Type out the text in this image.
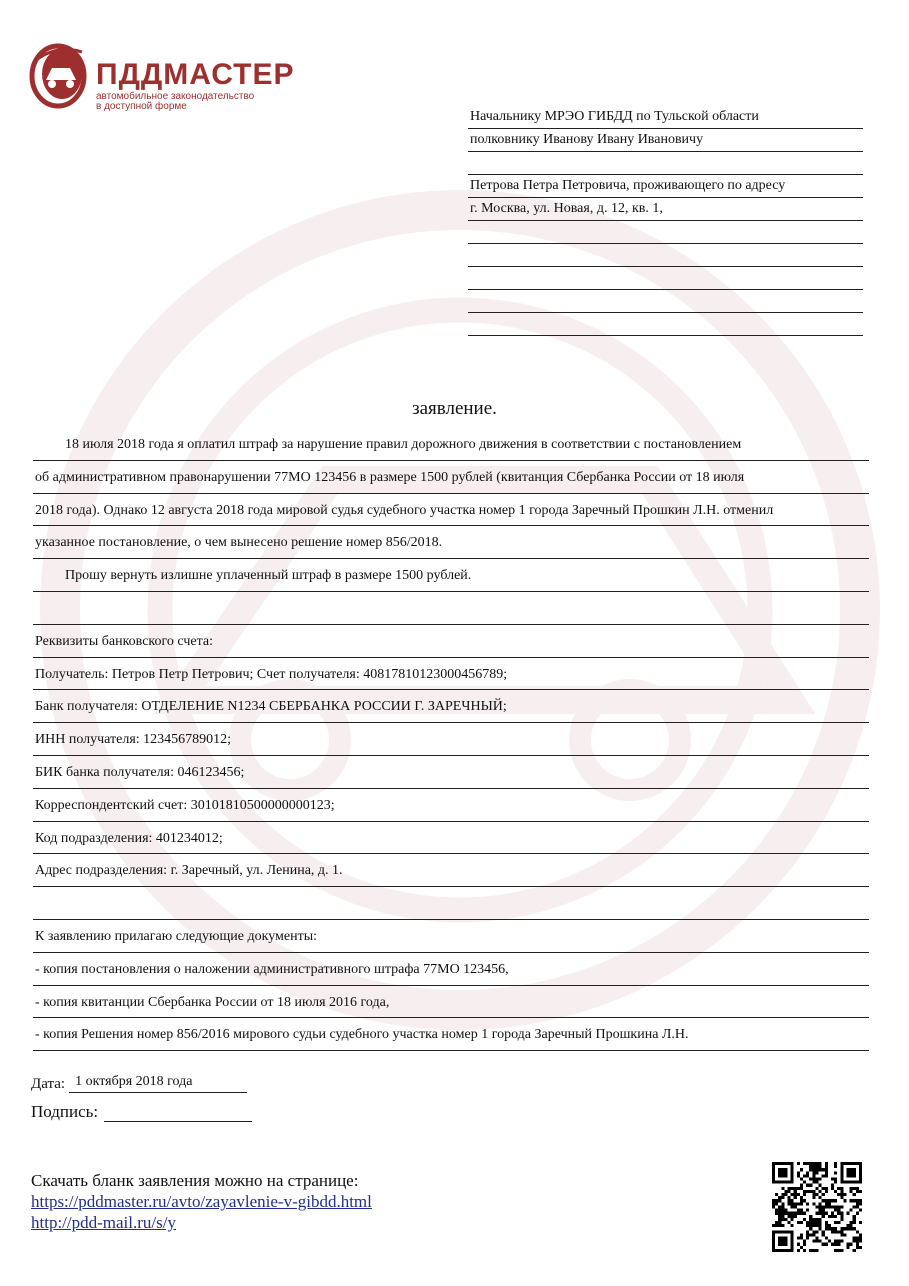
ПДДМАСТЕР
автомобильное законодательство
в доступной форме
Начальнику МРЭО ГИБДД по Тульской области
полковнику Иванову Ивану Ивановичу
Петрова Петра Петровича, проживающего по адресу
г. Москва, ул. Новая, д. 12, кв. 1,
заявление.
18 июля 2018 года я оплатил штраф за нарушение правил дорожного движения в соответствии с постановлением
об административном правонарушении 77МО 123456 в размере 1500 рублей (квитанция Сбербанка России от 18 июля
2018 года). Однако 12 августа 2018 года мировой судья судебного участка номер 1 города Заречный Прошкин Л.Н. отменил
указанное постановление, о чем вынесено решение номер 856/2018.
Прошу вернуть излишне уплаченный штраф в размере 1500 рублей.
Реквизиты банковского счета:
Получатель: Петров Петр Петрович; Счет получателя: 40817810123000456789;
Банк получателя: ОТДЕЛЕНИЕ N1234 СБЕРБАНКА РОССИИ Г. ЗАРЕЧНЫЙ;
ИНН получателя: 123456789012;
БИК банка получателя: 046123456;
Корреспондентский счет: 30101810500000000123;
Код подразделения: 401234012;
Адрес подразделения: г. Заречный, ул. Ленина, д. 1.
К заявлению прилагаю следующие документы:
- копия постановления о наложении административного штрафа 77МО 123456,
- копия квитанции Сбербанка России от 18 июля 2016 года,
- копия Решения номер 856/2016 мирового судьи судебного участка номер 1 города Заречный Прошкина Л.Н.
Дата: 1 октября 2018 года
Подпись:
Скачать бланк заявления можно на странице:
https://pddmaster.ru/avto/zayavlenie-v-gibdd.html
http://pdd-mail.ru/s/y
